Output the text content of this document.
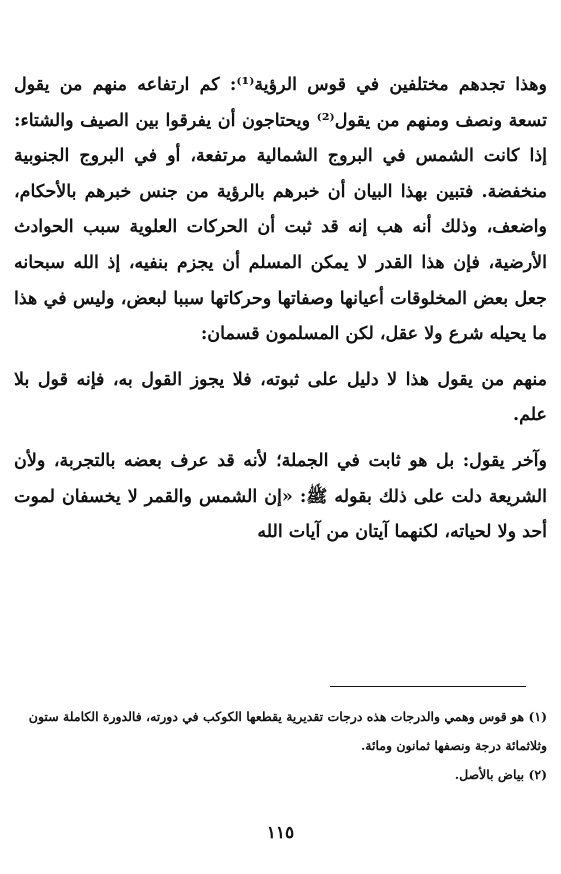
وهذا تجدهم مختلفين في قوس الرؤية⁽¹⁾: كم ارتفاعه منهم من يقول تسعة ونصف ومنهم من يقول⁽²⁾ ويحتاجون أن يفرقوا بين الصيف والشتاء: إذا كانت الشمس في البروج الشمالية مرتفعة، أو في البروج الجنوبية منخفضة. فتبين بهذا البيان أن خبرهم بالرؤية من جنس خبرهم بالأحكام، واضعف، وذلك أنه هب إنه قد ثبت أن الحركات العلوية سبب الحوادث الأرضية، فإن هذا القدر لا يمكن المسلم أن يجزم بنفيه، إذ الله سبحانه جعل بعض المخلوقات أعيانها وصفاتها وحركاتها سببا لبعض، وليس في هذا ما يحيله شرع ولا عقل، لكن المسلمون قسمان:

منهم من يقول هذا لا دليل على ثبوته، فلا يجوز القول به، فإنه قول بلا علم.

وآخر يقول: بل هو ثابت في الجملة؛ لأنه قد عرف بعضه بالتجربة، ولأن الشريعة دلت على ذلك بقوله ﷺ: «إن الشمس والقمر لا يخسفان لموت أحد ولا لحياته، لكنهما آيتان من آيات الله

(١) هو قوس وهمي والدرجات هذه درجات تقديرية يقطعها الكوكب في دورته، فالدورة الكاملة ستون وثلاثمائة درجة ونصفها ثمانون ومائة.

(٢) بياض بالأصل.

١١٥
